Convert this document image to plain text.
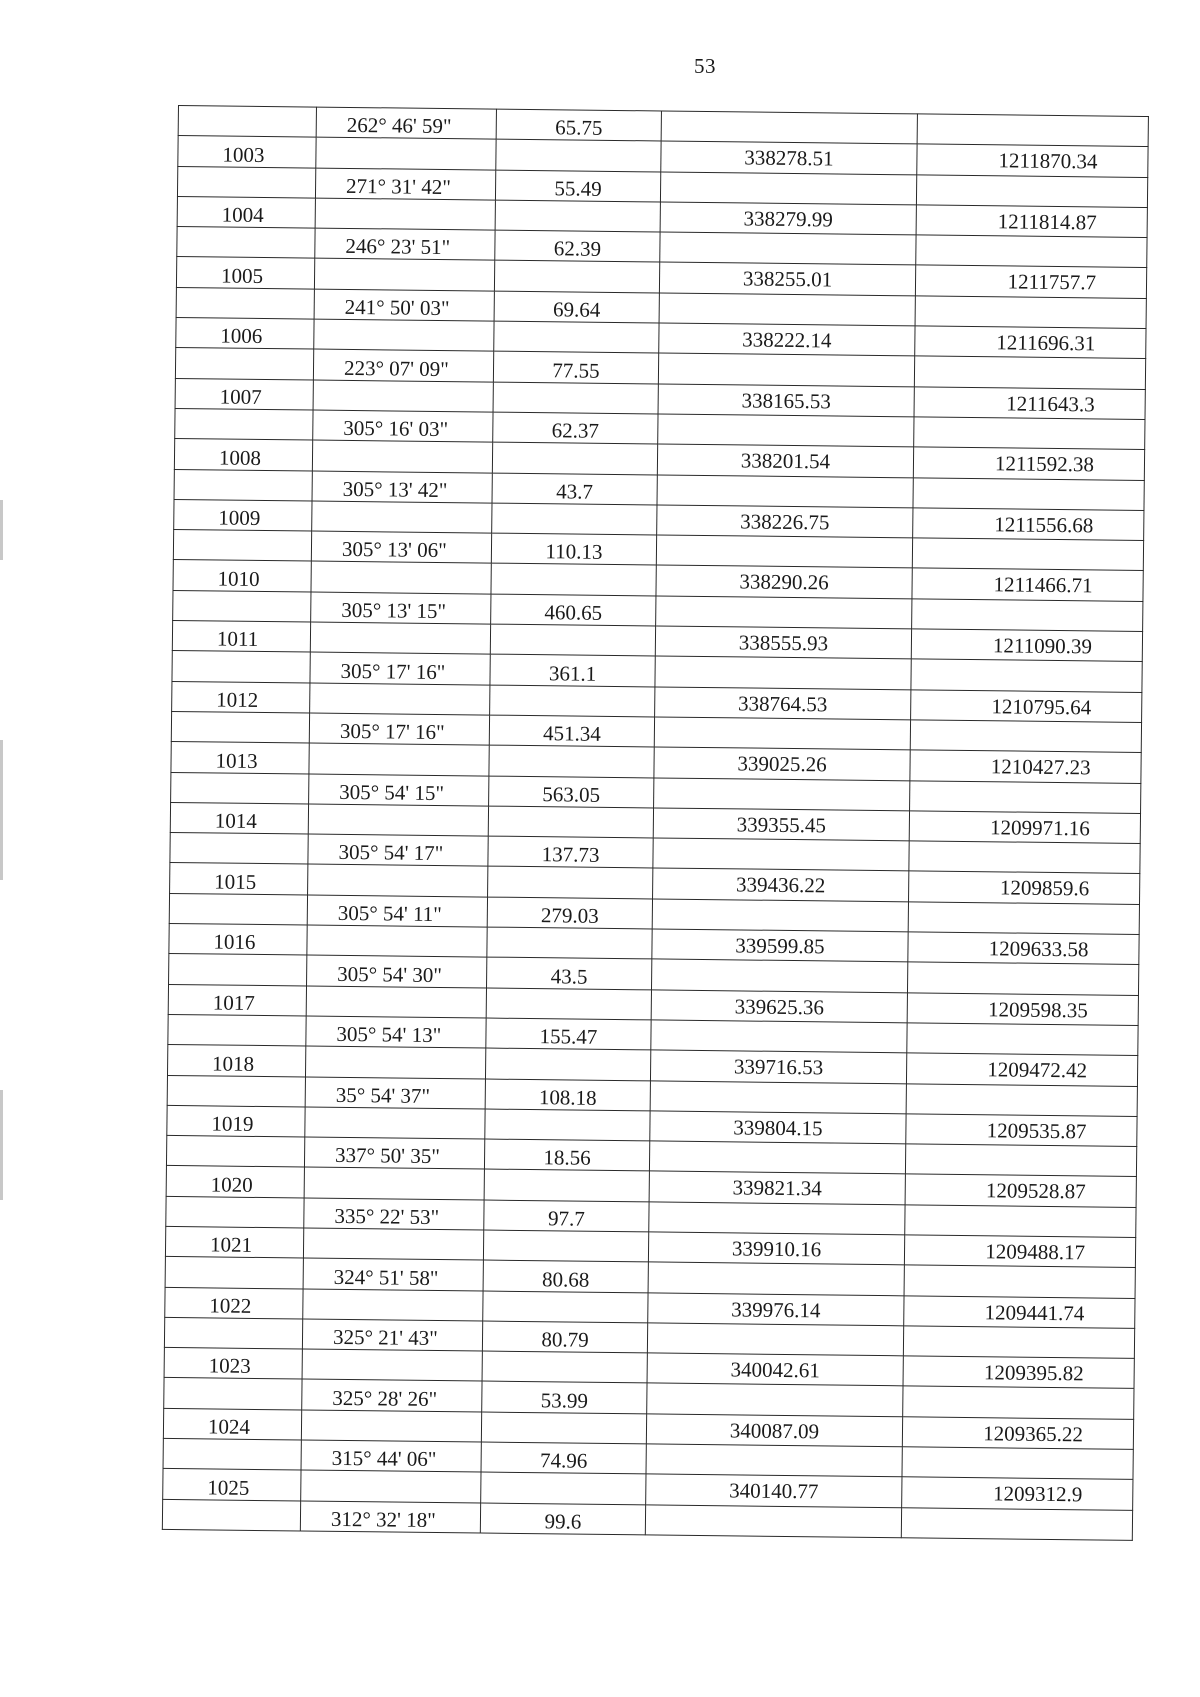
53
	262° 46' 59"	65.75		
1003			338278.51	1211870.34
	271° 31' 42"	55.49		
1004			338279.99	1211814.87
	246° 23' 51"	62.39		
1005			338255.01	1211757.7
	241° 50' 03"	69.64		
1006			338222.14	1211696.31
	223° 07' 09"	77.55		
1007			338165.53	1211643.3
	305° 16' 03"	62.37		
1008			338201.54	1211592.38
	305° 13' 42"	43.7		
1009			338226.75	1211556.68
	305° 13' 06"	110.13		
1010			338290.26	1211466.71
	305° 13' 15"	460.65		
1011			338555.93	1211090.39
	305° 17' 16"	361.1		
1012			338764.53	1210795.64
	305° 17' 16"	451.34		
1013			339025.26	1210427.23
	305° 54' 15"	563.05		
1014			339355.45	1209971.16
	305° 54' 17"	137.73		
1015			339436.22	1209859.6
	305° 54' 11"	279.03		
1016			339599.85	1209633.58
	305° 54' 30"	43.5		
1017			339625.36	1209598.35
	305° 54' 13"	155.47		
1018			339716.53	1209472.42
	35° 54' 37"	108.18		
1019			339804.15	1209535.87
	337° 50' 35"	18.56		
1020			339821.34	1209528.87
	335° 22' 53"	97.7		
1021			339910.16	1209488.17
	324° 51' 58"	80.68		
1022			339976.14	1209441.74
	325° 21' 43"	80.79		
1023			340042.61	1209395.82
	325° 28' 26"	53.99		
1024			340087.09	1209365.22
	315° 44' 06"	74.96		
1025			340140.77	1209312.9
	312° 32' 18"	99.6		
